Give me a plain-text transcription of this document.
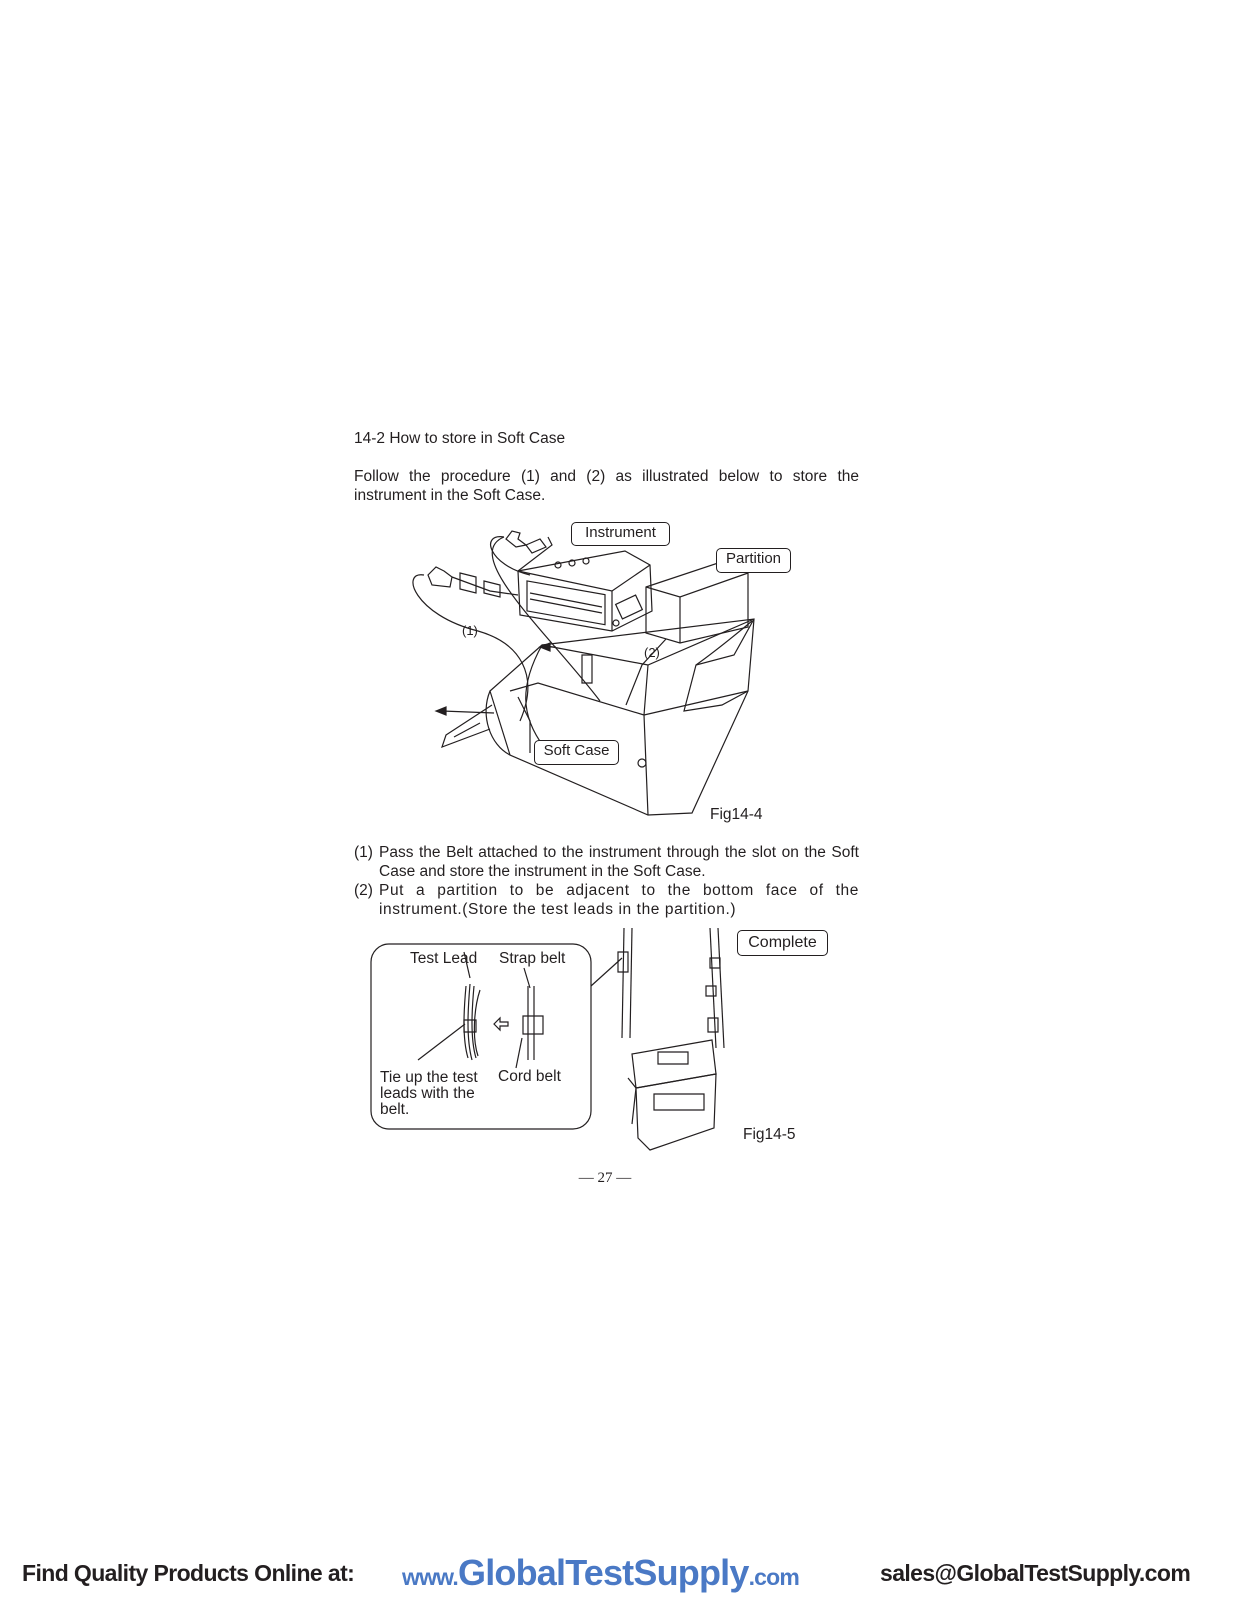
14-2 How to store in Soft Case
Follow the procedure (1) and (2) as illustrated below to store the instrument in the Soft Case.
Instrument
Partition
Soft Case
(1)
(2)
Fig14-4
(1) Pass the Belt attached to the instrument through the slot on the Soft Case and store the instrument in the Soft Case.
(2) Put a partition to be adjacent to the bottom face of the instrument.(Store the test leads in the partition.)
Test Lead Strap belt
Tie up the test leads with the belt.
Cord belt
Complete
Fig14-5
— 27 —
Find Quality Products Online at: www.GlobalTestSupply.com	sales@GlobalTestSupply.com
